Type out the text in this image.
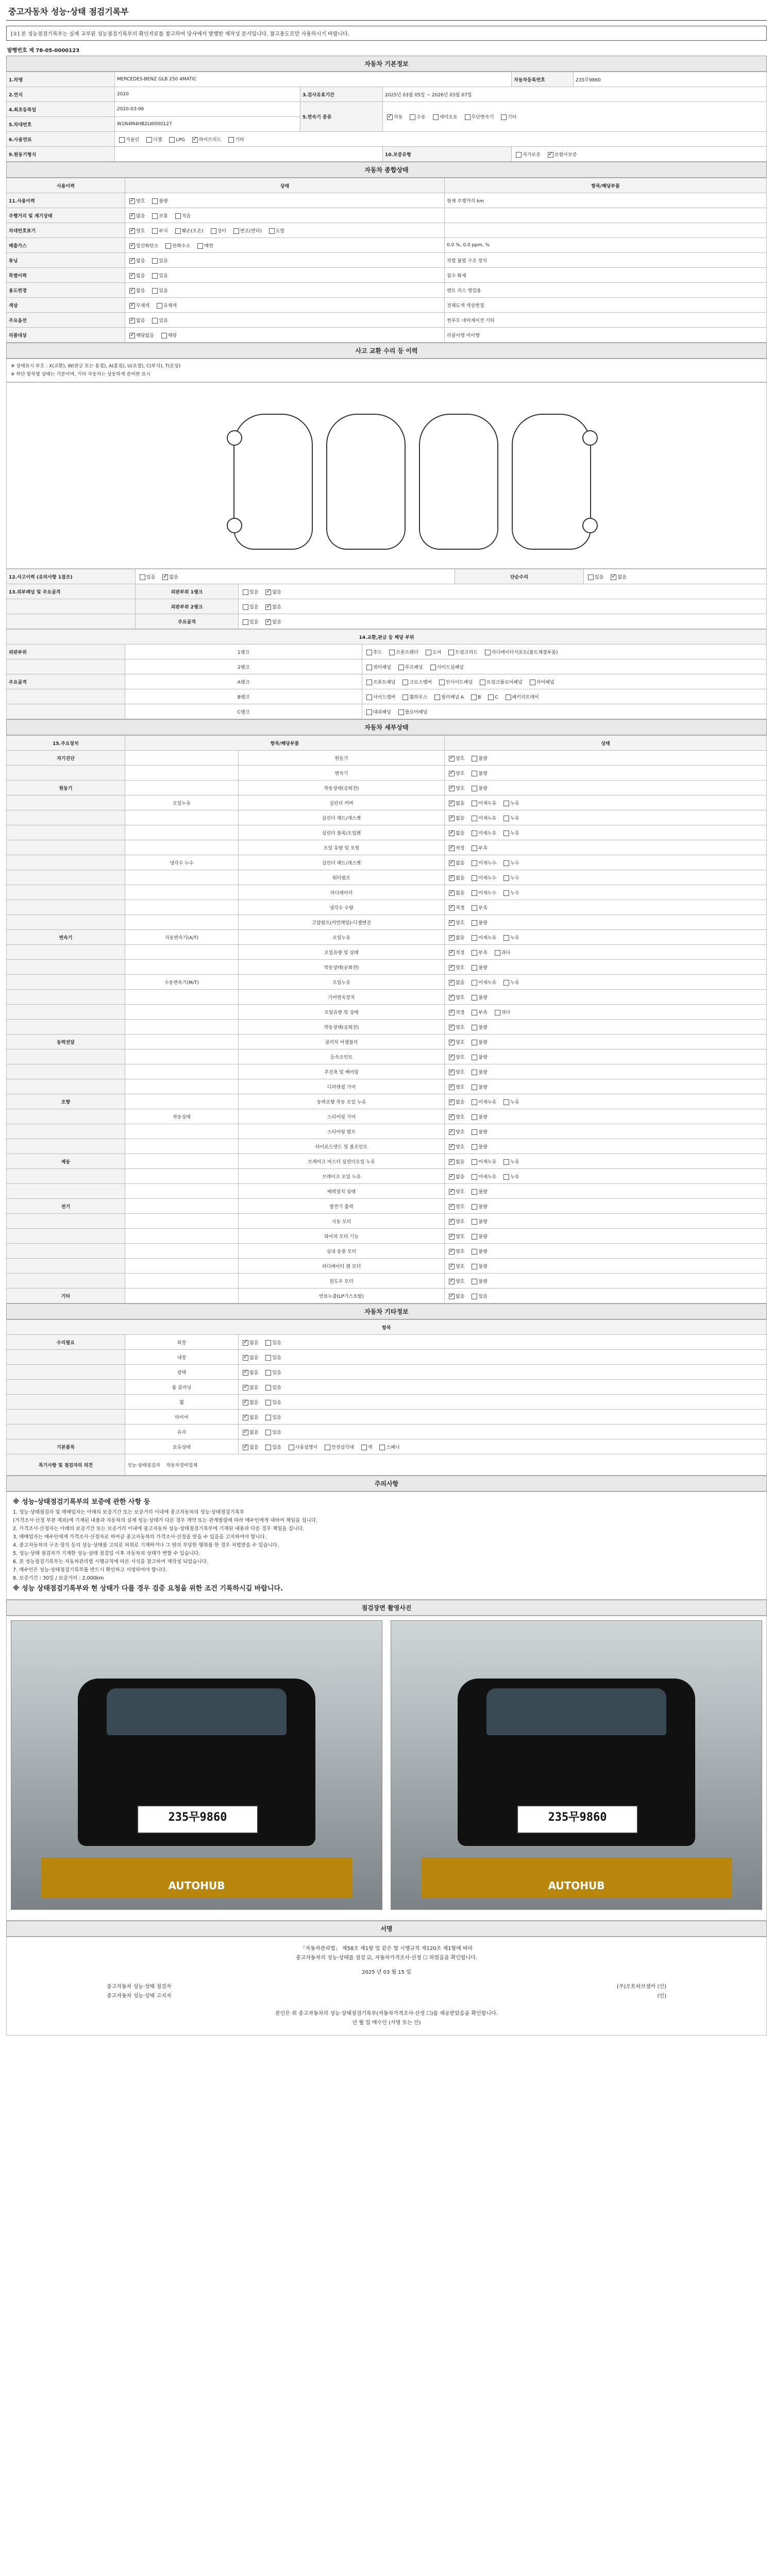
중고자동차 성능·상태 점검기록부
[①] 본 성능점검기록부는 실제 교부된 성능점검기록부의 확인자료를 참고하여 당사에서 발행한 재작성 문서입니다. 참고용도로만 사용하시기 바랍니다.
발행번호 제 78-05-0000123
자동차 기본정보
1.차명	MERCEDES-BENZ GLB 250 4MATIC			자동차등록번호	235무9860
2.연식	2020	3.검사유효기간	2025년 03월 05일 ~ 2026년 03월 07일		
4.최초등록일	2020-03-06	5.변속기 종류	✓자동 수동 세미오토 무단변속기 기타
5.차대번호	W1N4M4HB2LW000127				
6.사용연료	가솔린 디젤 LPG ✓ 하이브리드 기타
9.원동기형식			10.보증유형	자가보증 ✓ 보험사보증
자동차 종합상태
사용이력	상태	항목/해당부품
11.사용이력	✓양호 불량	현재 주행거리 km
주행거리 및 계기상태	✓많음 보통 적음	
차대번호표기	✓양호 부식 훼손(오손) 상이 변조(변타) 도말	
배출가스	✓일산화탄소 탄화수소 매연	0.0 %, 0.0 ppm, %
튜닝	✓없음 있음	적법 불법 구조 장치
특별이력	✓없음 있음	침수 화재
용도변경	✓없음 있음	렌트 리스 영업용
색상	✓무채색 유채색	전체도색 색상변경
주요옵션	✓없음 있음	썬루프 네비게이션 기타
리콜대상	✓해당없음 해당	리콜이행 미이행
사고 교환 수리 등 이력
※ 상태표시 부호 : X(교환), W(판금 또는 용접), A(흠집), U(요철), C(부식), T(손상)
※ 하단 항목별 상태는 기준이며, 기타 자동차는 상동하게 준비한 표시
12.사고이력 (유의사항 1참조)	있음 ✓ 없음		단순수리	있음 ✓ 없음
13.외부패널 및 주요골격	외판부위 1랭크	있음 ✓ 없음
	외판부위 2랭크	있음 ✓ 없음
	주요골격	있음 ✓ 없음
14.교환,판금 등 해당 부위		
외판부위	1랭크	후드 프론트펜더 도어 트렁크리드 라디에이터서포트(볼트체결부품)
	2랭크	쿼터패널 루프패널 사이드실패널
주요골격	A랭크	프론트패널 크로스멤버 인사이드패널 트렁크플로어패널 리어패널
	B랭크	사이드멤버 휠하우스 필러패널 A B C 패키지트레이
	C랭크	대쉬패널 플로어패널
자동차 세부상태
15.주요장치	항목/해당부품		상태
자기진단		원동기	✓양호 불량
		변속기	✓양호 불량
원동기		작동상태(공회전)	✓양호 불량
	오일누유	실린더 커버	✓없음 미세누유 누유
		실린더 헤드/개스켓	✓없음 미세누유 누유
		실린더 블록/오일팬	✓없음 미세누유 누유
		오일 유량 및 오염	✓적정 부족
	냉각수 누수	실린더 헤드/개스켓	✓없음 미세누수 누수
		워터펌프	✓없음 미세누수 누수
		라디에이터	✓없음 미세누수 누수
		냉각수 수량	✓적정 부족
		고압펌프(커먼레일)-디젤엔진	✓양호 불량
변속기	자동변속기(A/T)	오일누유	✓없음 미세누유 누유
		오일유량 및 상태	✓적정 부족 과다
		작동상태(공회전)	✓양호 불량
	수동변속기(M/T)	오일누유	✓없음 미세누유 누유
		기어변속장치	✓양호 불량
		오일유량 및 상태	✓적정 부족 과다
		작동상태(공회전)	✓양호 불량
동력전달		클러치 어셈블리	✓양호 불량
		등속조인트	✓양호 불량
		추진축 및 베어링	✓양호 불량
		디퍼렌셜 기어	✓양호 불량
조향		동력조향 작동 오일 누유	✓없음 미세누유 누유
	작동상태	스티어링 기어	✓양호 불량
		스티어링 펌프	✓양호 불량
		타이로드엔드 및 볼조인트	✓양호 불량
제동		브레이크 마스터 실린더오일 누유	✓없음 미세누유 누유
		브레이크 오일 누유	✓없음 미세누유 누유
		배력장치 상태	✓양호 불량
전기		발전기 출력	✓양호 불량
		시동 모터	✓양호 불량
		와이퍼 모터 기능	✓양호 불량
		실내 송풍 모터	✓양호 불량
		라디에이터 팬 모터	✓양호 불량
		윈도우 모터	✓양호 불량
기타		연료누출(LP가스포함)	✓없음 있음
자동차 기타정보
항목		
수리필요	외장	✓없음 있음
	내장	✓없음 있음
	광택	✓없음 있음
	룸 클리닝	✓없음 있음
	휠	✓없음 있음
	타이어	✓없음 있음
	유리	✓없음 있음
기본품목	보유상태	✓없음 있음 사용설명서 안전삼각대 잭 스패너
특기사항 및 점검자의 의견	성능·상태점검자 자동차정비업체	
주의사항
※ 성능·상태점검기록부의 보증에 관한 사항 등
1. 성능·상태점검자 및 매매업자는 아래의 보증기간 또는 보증거리 이내에 중고자동차의 성능·상태점검기록부
(가격조사·산정 부분 제외)에 기재된 내용과 자동차의 실제 성능·상태가 다른 경우 계약 또는 관계법령에 따라 매수인에게 대하여 책임을 집니다.
2. 가격조사·산정자는 아래의 보증기간 또는 보증거리 이내에 중고자동차 성능·상태점검기록부에 기재된 내용과 다른 경우 책임을 집니다.
3. 매매업자는 매수인에게 가격조사·산정자로 하여금 중고자동차의 가격조사·산정을 받을 수 있음을 고지하여야 합니다.
4. 중고자동차의 구조·장치 등의 성능·상태를 고의로 허위로 기재하거나 그 밖의 부당한 행위를 한 경우 처벌받을 수 있습니다.
5. 성능·상태 점검자가 기재한 성능·상태 점검일 이후 자동차의 상태가 변할 수 있습니다.
6. 본 성능점검기록부는 자동차관리법 시행규칙에 따른 서식을 참고하여 재작성 되었습니다.
7. 매수인은 성능·상태점검기록부를 반드시 확인하고 서명하여야 합니다.
8. 보증기간 : 30일 / 보증거리 : 2,000km
※ 성능 상태점검기록부와 현 상태가 다를 경우 검증 요청을 위한 조건 기록하시길 바랍니다.
점검장면 촬영사진
235무9860
AUTOHUB
235무9860
AUTOHUB
서명
「자동차관리법」 제58조 제1항 및 같은 법 시행규칙 제120조 제1항에 따라
중고자동차의 성능·상태를 점검 ☑, 자동차가격조사·산정 ☐ 하였음을 확인합니다.
2025 년 03 월 15 일
중고자동차 성능·상태 점검자	(주)오토허브셀카 (인)
중고자동차 성능·상태 고지자	(인)
본인은 위 중고자동차의 성능·상태점검기록부(자동차가격조사·산정 ☐)를 제공받았음을 확인합니다.
년 월 일 매수인 (서명 또는 인)
